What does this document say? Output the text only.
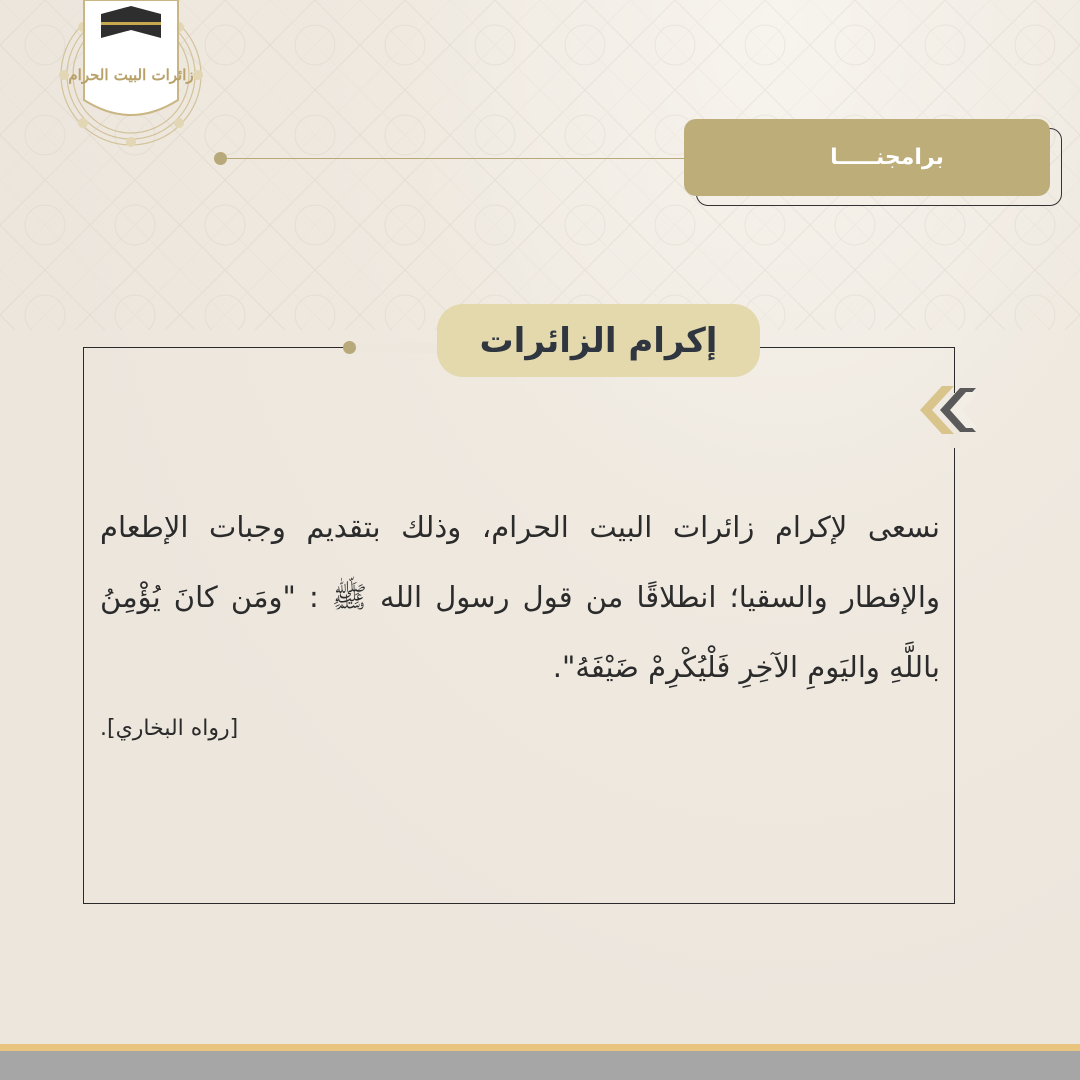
زائرات البيت الحرام
برامجنـــــا
إكرام الزائرات
نسعى لإكرام زائرات البيت الحرام، وذلك بتقديم وجبات الإطعام والإفطار والسقيا؛ انطلاقًا من قول رسول الله ﷺ : "ومَن كانَ يُؤْمِنُ باللَّهِ واليَومِ الآخِرِ فَلْيُكْرِمْ ضَيْفَهُ".
[رواه البخاري].
